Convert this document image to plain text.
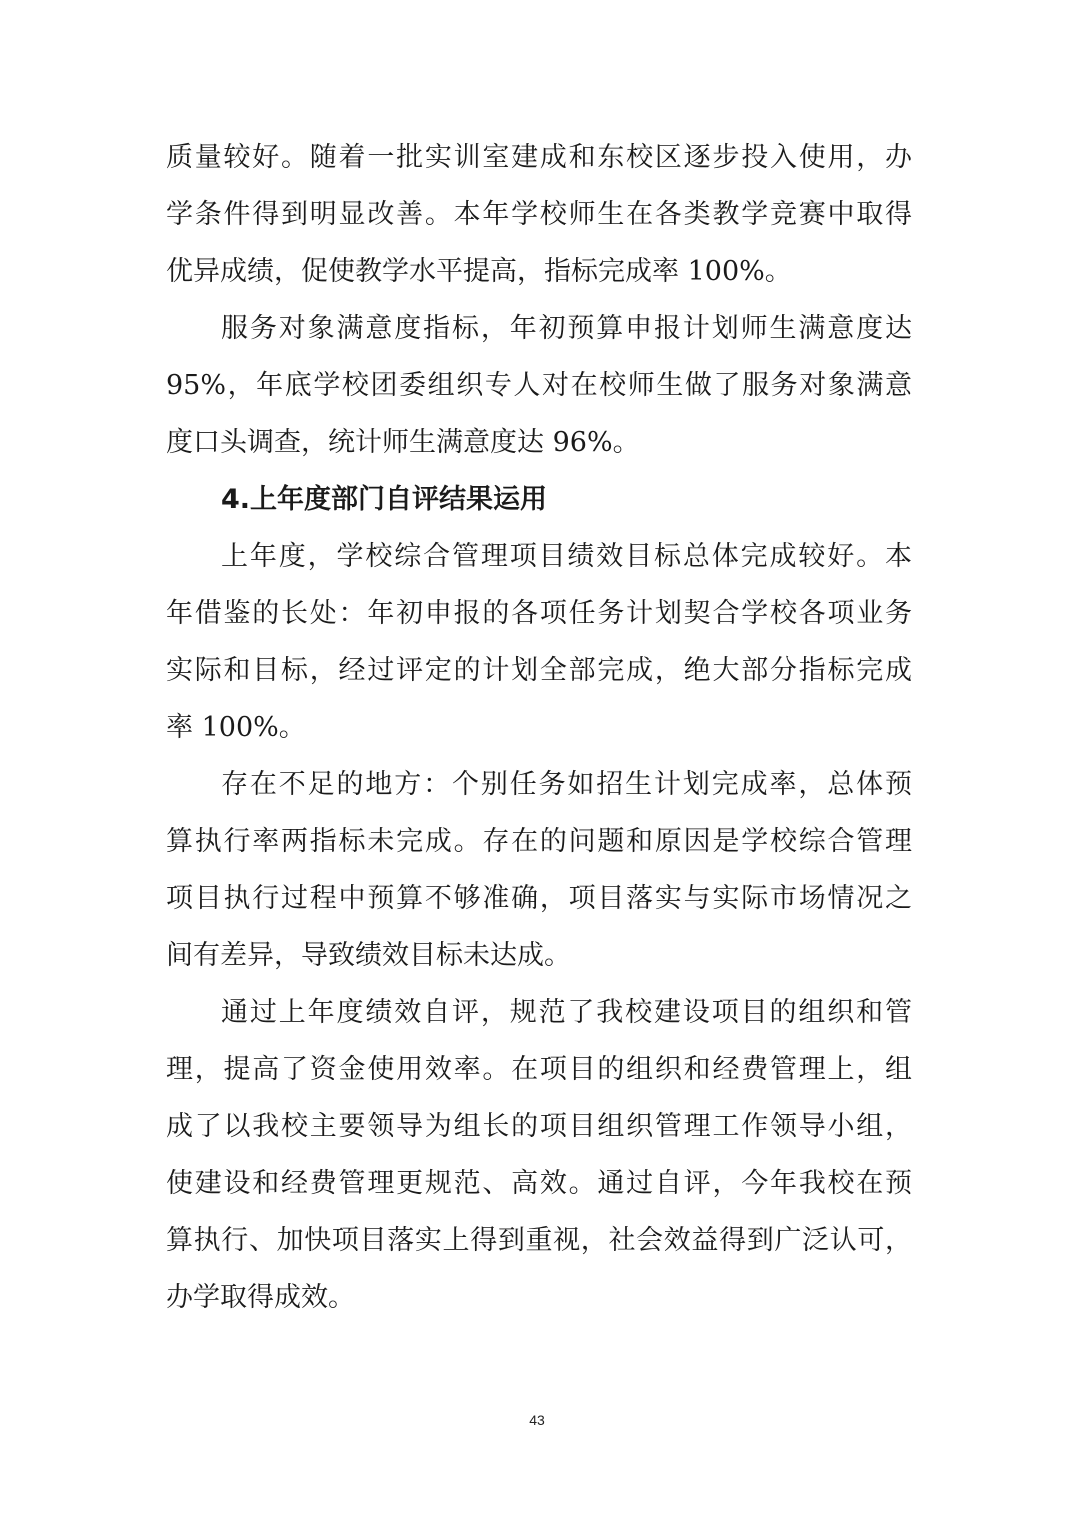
质量较好。随着一批实训室建成和东校区逐步投入使用，办
学条件得到明显改善。本年学校师生在各类教学竞赛中取得
优异成绩，促使教学水平提高，指标完成率 100%。
服务对象满意度指标，年初预算申报计划师生满意度达
95%，年底学校团委组织专人对在校师生做了服务对象满意
度口头调查，统计师生满意度达 96%。
4.上年度部门自评结果运用
上年度，学校综合管理项目绩效目标总体完成较好。本
年借鉴的长处：年初申报的各项任务计划契合学校各项业务
实际和目标，经过评定的计划全部完成，绝大部分指标完成
率 100%。
存在不足的地方：个别任务如招生计划完成率，总体预
算执行率两指标未完成。存在的问题和原因是学校综合管理
项目执行过程中预算不够准确，项目落实与实际市场情况之
间有差异，导致绩效目标未达成。
通过上年度绩效自评，规范了我校建设项目的组织和管
理，提高了资金使用效率。在项目的组织和经费管理上，组
成了以我校主要领导为组长的项目组织管理工作领导小组，
使建设和经费管理更规范、高效。通过自评，今年我校在预
算执行、加快项目落实上得到重视，社会效益得到广泛认可，
办学取得成效。
43
